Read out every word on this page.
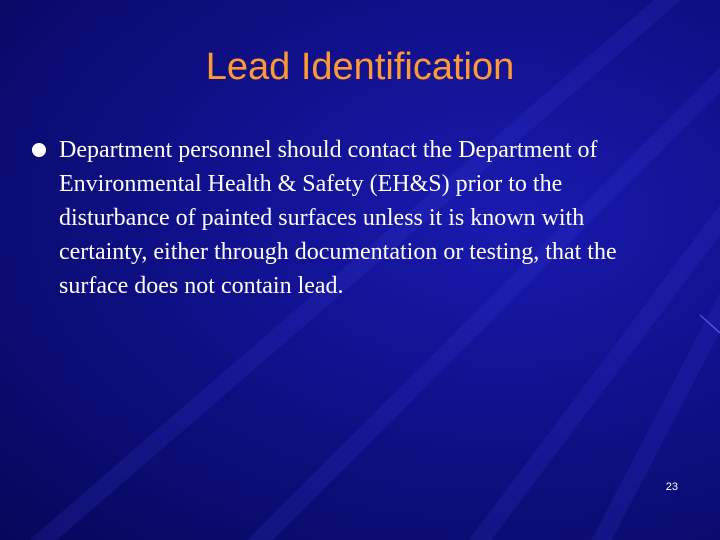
Lead Identification
Department personnel should contact the Department of Environmental Health & Safety (EH&S) prior to the disturbance of painted surfaces unless it is known with certainty, either through documentation or testing, that the surface does not contain lead.
23
